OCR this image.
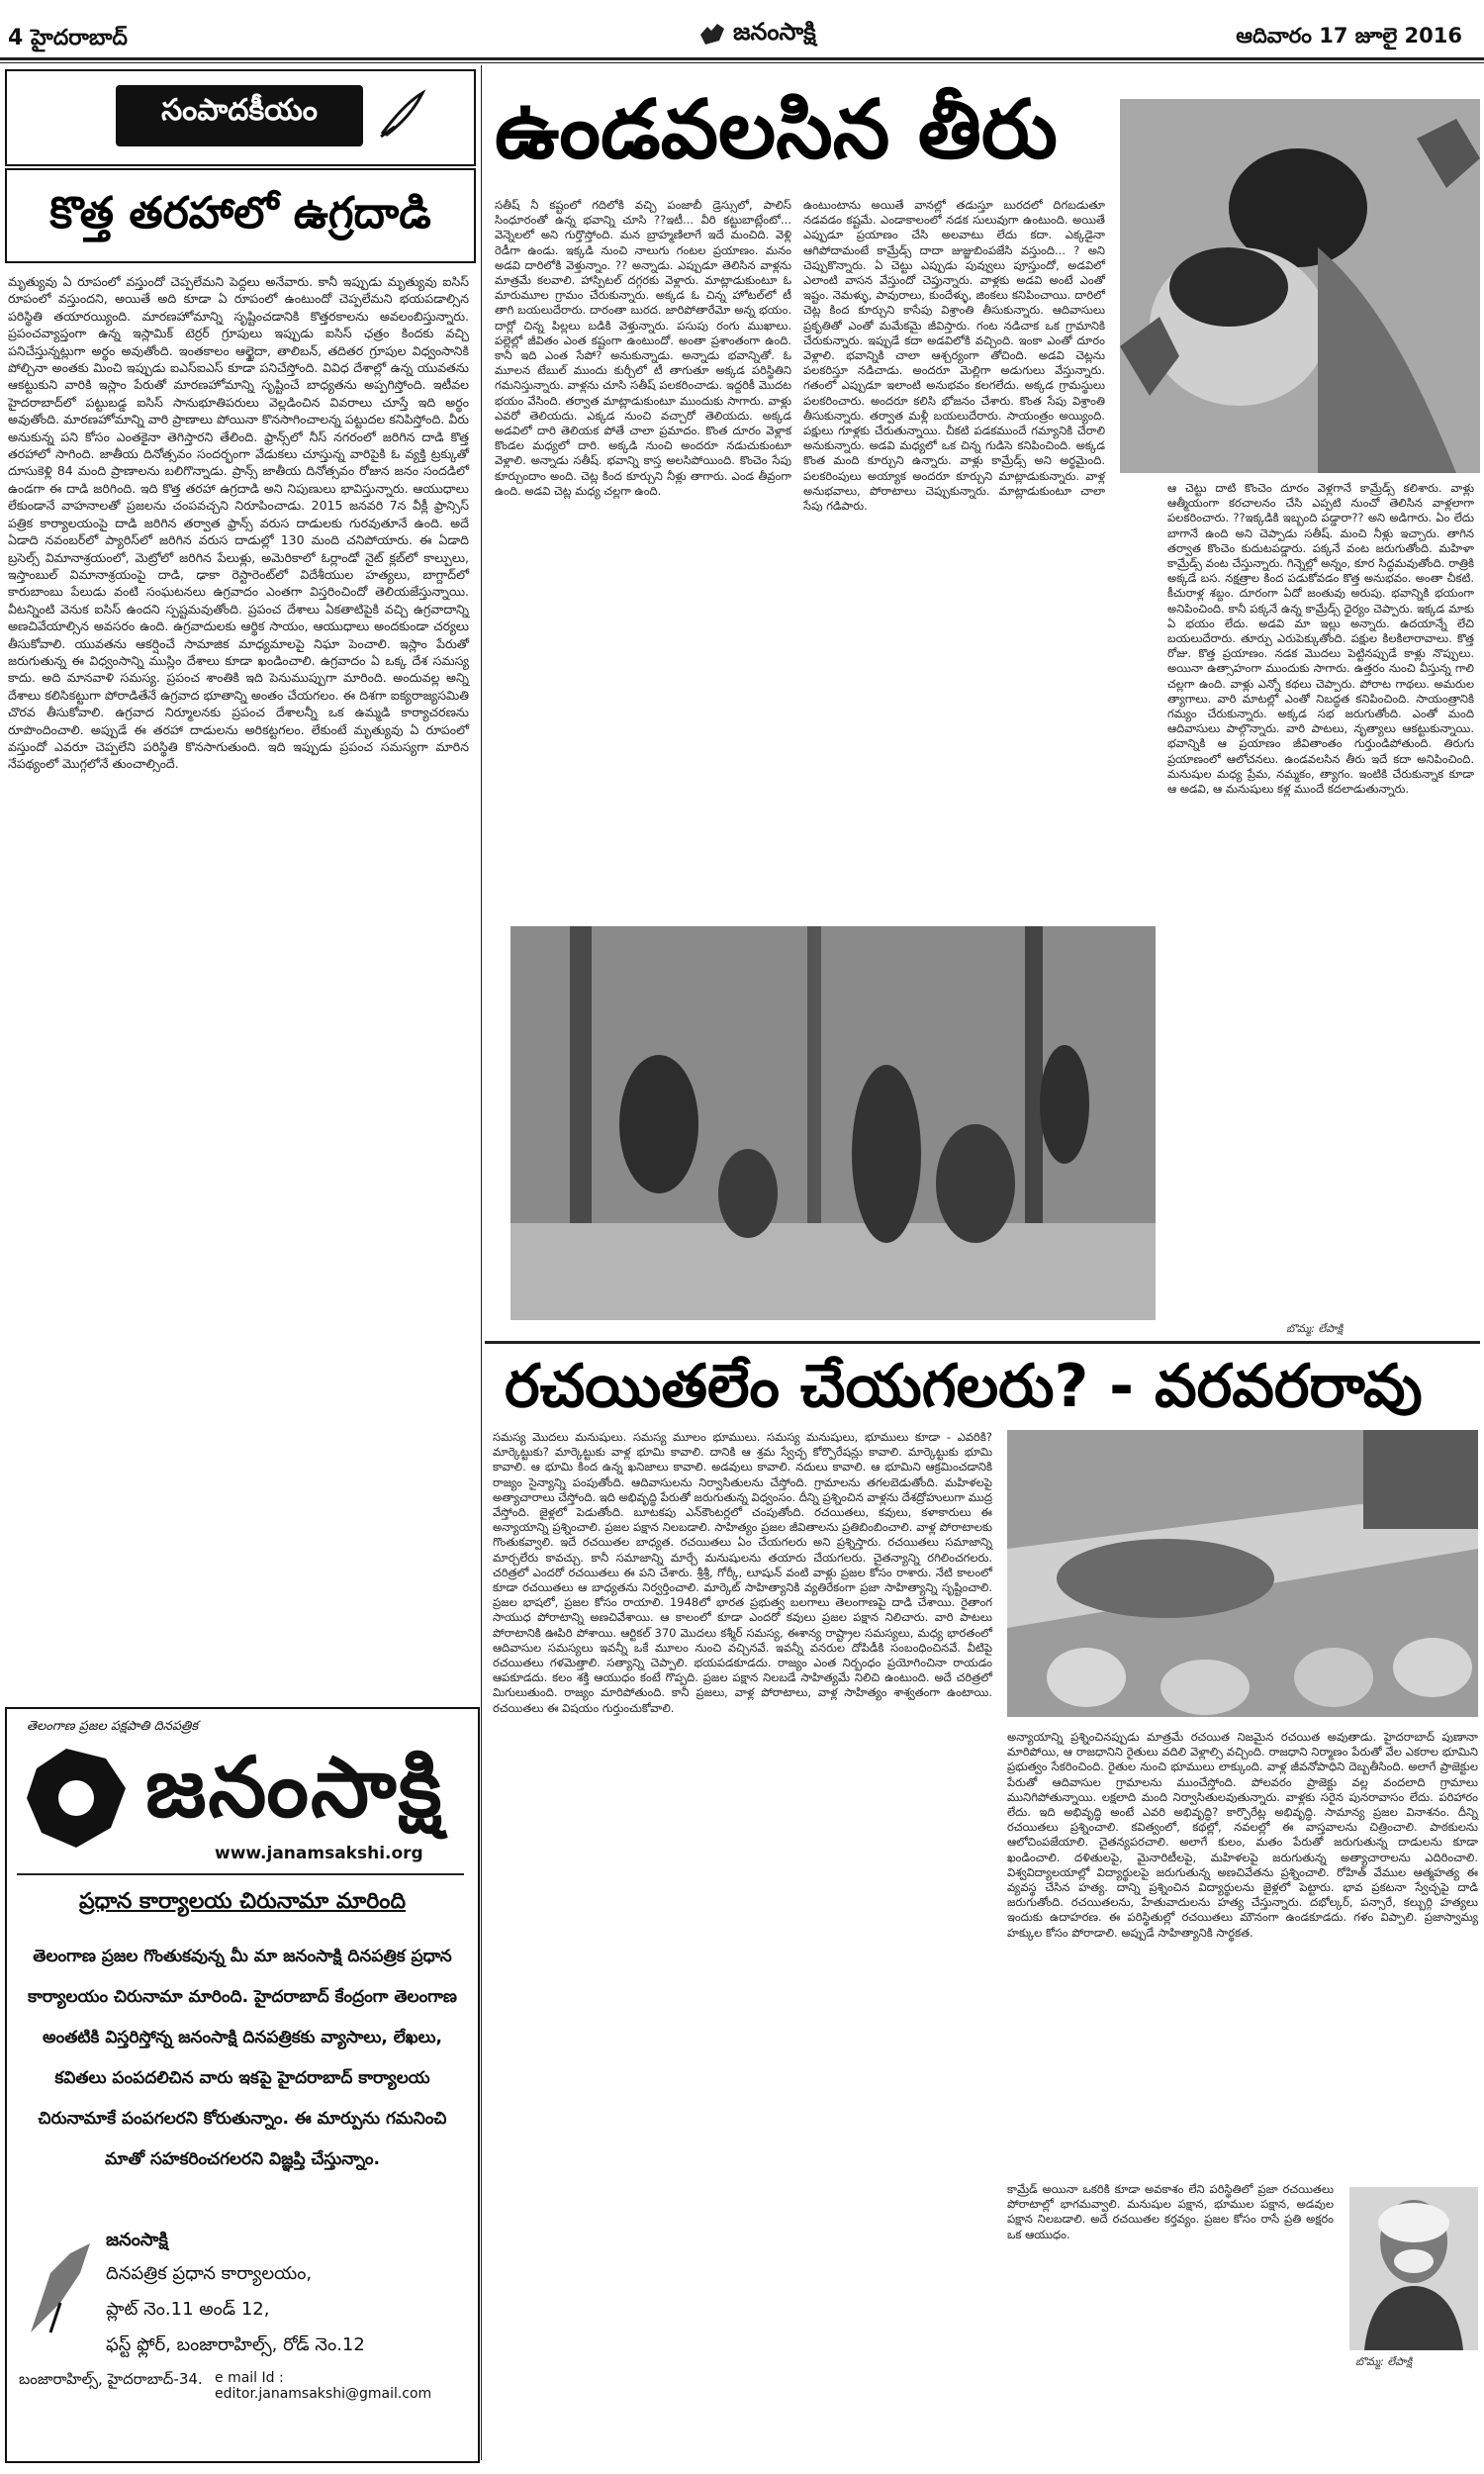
4 హైదరాబాద్	జనంసాక్షి	ఆదివారం 17 జూలై 2016
సంపాదకీయం
కొత్త తరహాలో ఉగ్రదాడి
మృత్యువు ఏ రూపంలో వస్తుందో చెప్పలేమని పెద్దలు అనేవారు. కానీ ఇప్పుడు మృత్యువు ఐసిస్ రూపంలో వస్తుందని, అయితే అది కూడా ఏ రూపంలో ఉంటుందో చెప్పలేమని భయపడాల్సిన పరిస్థితి తయారయ్యింది. మారణహోమాన్ని సృష్టించడానికి కొత్తరకాలను అవలంబిస్తున్నారు. ప్రపంచవ్యాప్తంగా ఉన్న ఇస్లామిక్ టెర్రర్ గ్రూపులు ఇప్పుడు ఐసిస్ ఛత్రం కిందకు వచ్చి పనిచేస్తున్నట్లుగా అర్థం అవుతోంది. ఇంతకాలం ఆల్ఖైదా, తాలిబన్, తదితర గ్రూపుల విధ్వంసానికి పోల్చినా అంతకు మించి ఇప్పుడు ఐఎస్ఐఎస్ కూడా పనిచేస్తోంది. వివిధ దేశాల్లో ఉన్న యువతను ఆకట్టుకుని వారికి ఇస్లాం పేరుతో మారణహోమాన్ని సృష్టించే బాధ్యతను అప్పగిస్తోంది. ఇటీవల హైదరాబాద్‌లో పట్టుబడ్డ ఐసిస్ సానుభూతిపరులు వెల్లడించిన వివరాలు చూస్తే ఇది అర్థం అవుతోంది. మారణహోమాన్ని వారి ప్రాణాలు పోయినా కొనసాగించాలన్న పట్టుదల కనిపిస్తోంది. వీరు అనుకున్న పని కోసం ఎంతకైనా తెగిస్తారని తేలింది. ఫ్రాన్స్‌లో నీస్ నగరంలో జరిగిన దాడి కొత్త తరహాలో సాగింది. జాతీయ దినోత్సవం సందర్భంగా వేడుకలు చూస్తున్న వారిపైకి ఓ వ్యక్తి ట్రక్కుతో దూసుకెళ్లి 84 మంది ప్రాణాలను బలిగొన్నాడు. ప్రాన్స్ జాతీయ దినోత్సవం రోజున జనం సందడిలో ఉండగా ఈ దాడి జరిగింది. ఇది కొత్త తరహా ఉగ్రదాడి అని నిపుణులు భావిస్తున్నారు. ఆయుధాలు లేకుండానే వాహనాలతో ప్రజలను చంపవచ్చని నిరూపించాడు. 2015 జనవరి 7న వీక్లీ ఫ్రాన్సిస్ పత్రిక కార్యాలయంపై దాడి జరిగిన తర్వాత ఫ్రాన్స్ వరుస దాడులకు గురవుతూనే ఉంది. అదే ఏడాది నవంబర్‌లో ప్యారిస్‌లో జరిగిన వరుస దాడుల్లో 130 మంది చనిపోయారు. ఈ ఏడాది బ్రసెల్స్ విమానాశ్రయంలో, మెట్రోలో జరిగిన పేలుళ్లు, అమెరికాలో ఓర్లాండో నైట్ క్లబ్‌లో కాల్పులు, ఇస్తాంబుల్ విమానాశ్రయంపై దాడి, ఢాకా రెస్టారెంట్‌లో విదేశీయుల హత్యలు, బాగ్దాద్‌లో కారుబాంబు పేలుడు వంటి సంఘటనలు ఉగ్రవాదం ఎంతగా విస్తరించిందో తెలియజేస్తున్నాయి. వీటన్నింటి వెనుక ఐసిస్ ఉందని స్పష్టమవుతోంది. ప్రపంచ దేశాలు ఏకతాటిపైకి వచ్చి ఉగ్రవాదాన్ని అణచివేయాల్సిన అవసరం ఉంది. ఉగ్రవాదులకు ఆర్థిక సాయం, ఆయుధాలు అందకుండా చర్యలు తీసుకోవాలి. యువతను ఆకర్షించే సామాజిక మాధ్యమాలపై నిఘా పెంచాలి. ఇస్లాం పేరుతో జరుగుతున్న ఈ విధ్వంసాన్ని ముస్లిం దేశాలు కూడా ఖండించాలి. ఉగ్రవాదం ఏ ఒక్క దేశ సమస్య కాదు. అది మానవాళి సమస్య. ప్రపంచ శాంతికి ఇది పెనుముప్పుగా మారింది. అందువల్ల అన్ని దేశాలు కలిసికట్టుగా పోరాడితేనే ఉగ్రవాద భూతాన్ని అంతం చేయగలం. ఈ దిశగా ఐక్యరాజ్యసమితి చొరవ తీసుకోవాలి. ఉగ్రవాద నిర్మూలనకు ప్రపంచ దేశాలన్నీ ఒక ఉమ్మడి కార్యాచరణను రూపొందించాలి. అప్పుడే ఈ తరహా దాడులను అరికట్టగలం. లేకుంటే మృత్యువు ఏ రూపంలో వస్తుందో ఎవరూ చెప్పలేని పరిస్థితి కొనసాగుతుంది. ఇది ఇప్పుడు ప్రపంచ సమస్యగా మారిన నేపథ్యంలో మొగ్గలోనే తుంచాల్సిందే.
తెలంగాణ ప్రజల పక్షపాతి దినపత్రిక
జనంసాక్షి
www.janamsakshi.org
ప్రధాన కార్యాలయ చిరునామా మారింది
తెలంగాణ ప్రజల గొంతుకవున్న మీ మా జనంసాక్షి దినపత్రిక ప్రధాన కార్యాలయం చిరునామా మారింది. హైదరాబాద్ కేంద్రంగా తెలంగాణ అంతటికి విస్తరిస్తోన్న జనంసాక్షి దినపత్రికకు వ్యాసాలు, లేఖలు, కవితలు పంపదలిచిన వారు ఇకపై హైదరాబాద్ కార్యాలయ చిరునామాకే పంపగలరని కోరుతున్నాం. ఈ మార్పును గమనించి మాతో సహకరించగలరని విజ్ఞప్తి చేస్తున్నాం.
జనంసాక్షి
దినపత్రిక ప్రధాన కార్యాలయం,
ప్లాట్ నెం.11 అండ్ 12,
ఫస్ట్ ఫ్లోర్, బంజారాహిల్స్, రోడ్ నెం.12
బంజారాహిల్స్, హైదరాబాద్-34. e mail Id : editor.janamsakshi@gmail.com
ఉండవలసిన తీరు
సతీష్ నీ కష్టంలో గదిలోకి వచ్చి పంజాబీ డ్రెస్సులో, పాలిస్ సింధూరంతో ఉన్న భవాన్ని చూసి ??ఇటీ... వీరి కట్టుబాట్లేంటో... వెన్నెలలో అని గుర్తొస్తోంది. మన బ్రాహ్మణిలాగే ఇదే మంచిది. వెళ్లి రెడీగా ఉండు. ఇక్కడి నుంచి నాలుగు గంటల ప్రయాణం. మనం అడవి దారిలోకి వెళ్తున్నాం. ?? అన్నాడు. ఎప్పుడూ తెలిసిన వాళ్లను మాత్రమే కలవాలి. హాస్పిటల్ దగ్గరకు వెళ్లారు. మాట్లాడుకుంటూ ఓ మారుమూల గ్రామం చేరుకున్నారు. అక్కడ ఓ చిన్న హోటల్‌లో టీ తాగి బయలుదేరారు. దారంతా బురద. జారిపోతారేమో అన్న భయం. దార్లో చిన్న పిల్లలు బడికి వెళ్తున్నారు. పసుపు రంగు ముఖాలు. పల్లెల్లో జీవితం ఎంత కష్టంగా ఉంటుందో. అంతా ప్రశాంతంగా ఉంది. కానీ ఇది ఎంత సేపో? అనుకున్నాడు. అన్నాడు భవాన్నితో. ఓ మూలన టేబుల్ ముందు కుర్చీలో టీ తాగుతూ అక్కడ పరిస్థితిని గమనిస్తున్నారు. వాళ్లను చూసి సతీష్ పలకరించాడు. ఇద్దరికీ మొదట భయం వేసింది. తర్వాత మాట్లాడుకుంటూ ముందుకు సాగారు. వాళ్లు ఎవరో తెలియదు. ఎక్కడ నుంచి వచ్చారో తెలియదు. అక్కడ అడవిలో దారి తెలియక పోతే చాలా ప్రమాదం. కొంత దూరం వెళ్లాక కొండల మధ్యలో దారి. అక్కడి నుంచి అందరూ నడుచుకుంటూ వెళ్లాలి. అన్నాడు సతీష్. భవాన్ని కాస్త అలసిపోయింది. కొంచెం సేపు కూర్చుందాం అంది. చెట్ల కింద కూర్చుని నీళ్లు తాగారు. ఎండ తీవ్రంగా ఉంది. అడవి చెట్ల మధ్య చల్లగా ఉంది.
ఉంటుంటాను అయితే వానల్లో తడుస్తూ బురదలో దిగబడుతూ నడవడం కష్టమే. ఎండాకాలంలో నడక సులువుగా ఉంటుంది. అయితే ఎప్పుడూ ప్రయాణం చేసి అలవాటు లేదు కదా. ఎక్కడైనా ఆగిపోదామంటే కామ్రేడ్స్ దాదా జుజ్జుబింపజేసి వస్తుంది... ? అని చెప్పుకొన్నారు. ఏ చెట్టు ఎప్పుడు పువ్వులు పూస్తుందో, అడవిలో ఎలాంటి వాసన వేస్తుందో చెప్తున్నారు. వాళ్లకు అడవి అంటే ఎంతో ఇష్టం. నెమళ్ళు, పావురాలు, కుందేళ్ళు, జింకలు కనిపించాయి. దారిలో చెట్ల కింద కూర్చుని కాసేపు విశ్రాంతి తీసుకున్నారు. ఆదివాసులు ప్రకృతితో ఎంతో మమేకమై జీవిస్తారు. గంట నడిచాక ఒక గ్రామానికి చేరుకున్నారు. ఇప్పుడే కదా అడవిలోకి వచ్చింది. ఇంకా ఎంతో దూరం వెళ్లాలి. భవాన్నికి చాలా ఆశ్చర్యంగా తోచింది. అడవి చెట్లను పలకరిస్తూ నడిచాడు. అందరూ మెల్లిగా అడుగులు వేస్తున్నారు. గతంలో ఎప్పుడూ ఇలాంటి అనుభవం కలగలేదు. అక్కడ గ్రామస్థులు పలకరించారు. అందరూ కలిసి భోజనం చేశారు. కొంత సేపు విశ్రాంతి తీసుకున్నారు. తర్వాత మళ్లీ బయలుదేరారు. సాయంత్రం అయ్యింది. పక్షులు గూళ్లకు చేరుతున్నాయి. చీకటి పడకముందే గమ్యానికి చేరాలి అనుకున్నారు. అడవి మధ్యలో ఒక చిన్న గుడిసె కనిపించింది. అక్కడ కొంత మంది కూర్చుని ఉన్నారు. వాళ్లు కామ్రేడ్స్ అని అర్థమైంది. పలకరింపులు అయ్యాక అందరూ కూర్చుని మాట్లాడుకున్నారు. వాళ్ల అనుభవాలు, పోరాటాలు చెప్పుకున్నారు. మాట్లాడుకుంటూ చాలా సేపు గడిపారు.
ఆ చెట్టు దాటి కొంచెం దూరం వెళ్లగానే కామ్రేడ్స్ కలిశారు. వాళ్లు ఆత్మీయంగా కరచాలనం చేసి ఎప్పటి నుంచో తెలిసిన వాళ్లలాగా పలకరించారు. ??ఇక్కడికి ఇబ్బంది పడ్డారా?? అని అడిగారు. ఏం లేదు బాగానే ఉంది అని చెప్పాడు సతీష్. మంచి నీళ్లు ఇచ్చారు. తాగిన తర్వాత కొంచెం కుదుటపడ్డారు. పక్కనే వంట జరుగుతోంది. మహిళా కామ్రేడ్స్ వంట చేస్తున్నారు. గిన్నెల్లో అన్నం, కూర సిద్ధమవుతోంది. రాత్రికి అక్కడే బస. నక్షత్రాల కింద పడుకోవడం కొత్త అనుభవం. అంతా చీకటి. కీచురాళ్ల శబ్దం. దూరంగా ఏదో జంతువు అరుపు. భవాన్నికి భయంగా అనిపించింది. కానీ పక్కనే ఉన్న కామ్రేడ్స్ ధైర్యం చెప్పారు. ఇక్కడ మాకు ఏ భయం లేదు. అడవి మా ఇల్లు అన్నారు. ఉదయాన్నే లేచి బయలుదేరారు. తూర్పు ఎరుపెక్కుతోంది. పక్షుల కిలకిలారావాలు. కొత్త రోజు. కొత్త ప్రయాణం. నడక మొదలు పెట్టినప్పుడే కాళ్లు నొప్పులు. అయినా ఉత్సాహంగా ముందుకు సాగారు. ఉత్తరం నుంచి వీస్తున్న గాలి చల్లగా ఉంది. వాళ్లు ఎన్నో కథలు చెప్పారు. పోరాట గాథలు. అమరుల త్యాగాలు. వారి మాటల్లో ఎంతో నిబద్ధత కనిపించింది. సాయంత్రానికి గమ్యం చేరుకున్నారు. అక్కడ సభ జరుగుతోంది. ఎంతో మంది ఆదివాసులు పాల్గొన్నారు. వారి పాటలు, నృత్యాలు ఆకట్టుకున్నాయి. భవాన్నికి ఆ ప్రయాణం జీవితాంతం గుర్తుండిపోతుంది. తిరుగు ప్రయాణంలో ఆలోచనలు. ఉండవలసిన తీరు ఇదే కదా అనిపించింది. మనుషుల మధ్య ప్రేమ, నమ్మకం, త్యాగం. ఇంటికి చేరుకున్నాక కూడా ఆ అడవి, ఆ మనుషులు కళ్ల ముందే కదలాడుతున్నారు.
బొమ్మ: లేపాక్షి
రచయితలేం చేయగలరు? - వరవరరావు
సమస్య మొదలు మనుషులు. సమస్య మూలం భూములు. సమస్య మనుషులు, భూములు కూడా - ఎవరికి? మార్కెట్టుకు? మార్కెట్టుకు వాళ్ల భూమి కావాలి. దానికి ఆ శ్రమ స్వేచ్ఛ కోర్పొరేషన్లు కావాలి. మార్కెట్టుకు భూమి కావాలి. ఆ భూమి కింద ఉన్న ఖనిజాలు కావాలి. అడవులు కావాలి. నదులు కావాలి. ఆ భూమిని ఆక్రమించడానికి రాజ్యం సైన్యాన్ని పంపుతోంది. ఆదివాసులను నిర్వాసితులను చేస్తోంది. గ్రామాలను తగలబెడుతోంది. మహిళలపై అత్యాచారాలు చేస్తోంది. ఇది అభివృద్ధి పేరుతో జరుగుతున్న విధ్వంసం. దీన్ని ప్రశ్నించిన వాళ్లను దేశద్రోహులుగా ముద్ర వేస్తోంది. జైళ్లలో పెడుతోంది. బూటకపు ఎన్‌కౌంటర్లలో చంపుతోంది. రచయితలు, కవులు, కళాకారులు ఈ అన్యాయాన్ని ప్రశ్నించాలి. ప్రజల పక్షాన నిలబడాలి. సాహిత్యం ప్రజల జీవితాలను ప్రతిబింబించాలి. వాళ్ల పోరాటాలకు గొంతుకవ్వాలి. ఇదే రచయితల బాధ్యత. రచయితలు ఏం చేయగలరు అని ప్రశ్నిస్తారు. రచయితలు సమాజాన్ని మార్చలేరు కావచ్చు. కానీ సమాజాన్ని మార్చే మనుషులను తయారు చేయగలరు. చైతన్యాన్ని రగిలించగలరు. చరిత్రలో ఎందరో రచయితలు ఈ పని చేశారు. శ్రీశ్రీ, గోర్కీ, లూషున్ వంటి వాళ్లు ప్రజల కోసం రాశారు. నేటి కాలంలో కూడా రచయితలు ఆ బాధ్యతను నిర్వర్తించాలి. మార్కెట్ సాహిత్యానికి వ్యతిరేకంగా ప్రజా సాహిత్యాన్ని సృష్టించాలి. ప్రజల భాషలో, ప్రజల కోసం రాయాలి. 1948లో భారత ప్రభుత్వ బలగాలు తెలంగాణపై దాడి చేశాయి. రైతాంగ సాయుధ పోరాటాన్ని అణచివేశాయి. ఆ కాలంలో కూడా ఎందరో కవులు ప్రజల పక్షాన నిలిచారు. వారి పాటలు పోరాటానికి ఊపిరి పోశాయి. ఆర్టికల్ 370 మొదలు కశ్మీర్ సమస్య, ఈశాన్య రాష్ట్రాల సమస్యలు, మధ్య భారతంలో ఆదివాసుల సమస్యలు ఇవన్నీ ఒకే మూలం నుంచి వచ్చినవే. ఇవన్నీ వనరుల దోపిడీకి సంబంధించినవే. వీటిపై రచయితలు గళమెత్తాలి. సత్యాన్ని చెప్పాలి. భయపడకూడదు. రాజ్యం ఎంత నిర్బంధం ప్రయోగించినా రాయడం ఆపకూడదు. కలం శక్తి ఆయుధం కంటే గొప్పది. ప్రజల పక్షాన నిలబడే సాహిత్యమే నిలిచి ఉంటుంది. అదే చరిత్రలో మిగులుతుంది. రాజ్యం మారిపోతుంది. కానీ ప్రజలు, వాళ్ల పోరాటాలు, వాళ్ల సాహిత్యం శాశ్వతంగా ఉంటాయి. రచయితలు ఈ విషయం గుర్తుంచుకోవాలి.
అన్యాయాన్ని ప్రశ్నించినప్పుడు మాత్రమే రచయిత నిజమైన రచయిత అవుతాడు. హైదరాబాద్ పుణానా మారిపోయి, ఆ రాజధానిని రైతులు వదిలి వెళ్లాల్సి వచ్చింది. రాజధాని నిర్మాణం పేరుతో వేల ఎకరాల భూమిని ప్రభుత్వం సేకరించింది. రైతుల నుంచి భూములు లాక్కుంది. వాళ్ల జీవనోపాధిని దెబ్బతీసింది. అలాగే ప్రాజెక్టుల పేరుతో ఆదివాసుల గ్రామాలను ముంచేస్తోంది. పోలవరం ప్రాజెక్టు వల్ల వందలాది గ్రామాలు మునిగిపోతున్నాయి. లక్షలాది మంది నిర్వాసితులవుతున్నారు. వాళ్లకు సరైన పునరావాసం లేదు. పరిహారం లేదు. ఇది అభివృద్ధి అంటే ఎవరి అభివృద్ధి? కార్పొరేట్ల అభివృద్ధి. సామాన్య ప్రజల వినాశనం. దీన్ని రచయితలు ప్రశ్నించాలి. కవిత్వంలో, కథల్లో, నవలల్లో ఈ వాస్తవాలను చిత్రించాలి. పాఠకులను ఆలోచింపజేయాలి. చైతన్యపరచాలి. అలాగే కులం, మతం పేరుతో జరుగుతున్న దాడులను కూడా ఖండించాలి. దళితులపై, మైనారిటీలపై, మహిళలపై జరుగుతున్న అత్యాచారాలను ఎదిరించాలి. విశ్వవిద్యాలయాల్లో విద్యార్థులపై జరుగుతున్న అణచివేతను ప్రశ్నించాలి. రోహిత్ వేముల ఆత్మహత్య ఈ వ్యవస్థ చేసిన హత్య. దాన్ని ప్రశ్నించిన విద్యార్థులను జైళ్లలో పెట్టారు. భావ ప్రకటనా స్వేచ్ఛపై దాడి జరుగుతోంది. రచయితలను, హేతువాదులను హత్య చేస్తున్నారు. దభోల్కర్, పన్సారే, కల్బుర్గి హత్యలు ఇందుకు ఉదాహరణ. ఈ పరిస్థితుల్లో రచయితలు మౌనంగా ఉండకూడదు. గళం విప్పాలి. ప్రజాస్వామ్య హక్కుల కోసం పోరాడాలి. అప్పుడే సాహిత్యానికి సార్థకత.
కామ్రేడ్ అయినా ఒకరికి కూడా అవకాశం లేని పరిస్థితిలో ప్రజా రచయితలు పోరాటాల్లో భాగమవ్వాలి. మనుషుల పక్షాన, భూముల పక్షాన, అడవుల పక్షాన నిలబడాలి. అదే రచయితల కర్తవ్యం. ప్రజల కోసం రాసే ప్రతి అక్షరం ఒక ఆయుధం.
బొమ్మ: లేపాక్షి
